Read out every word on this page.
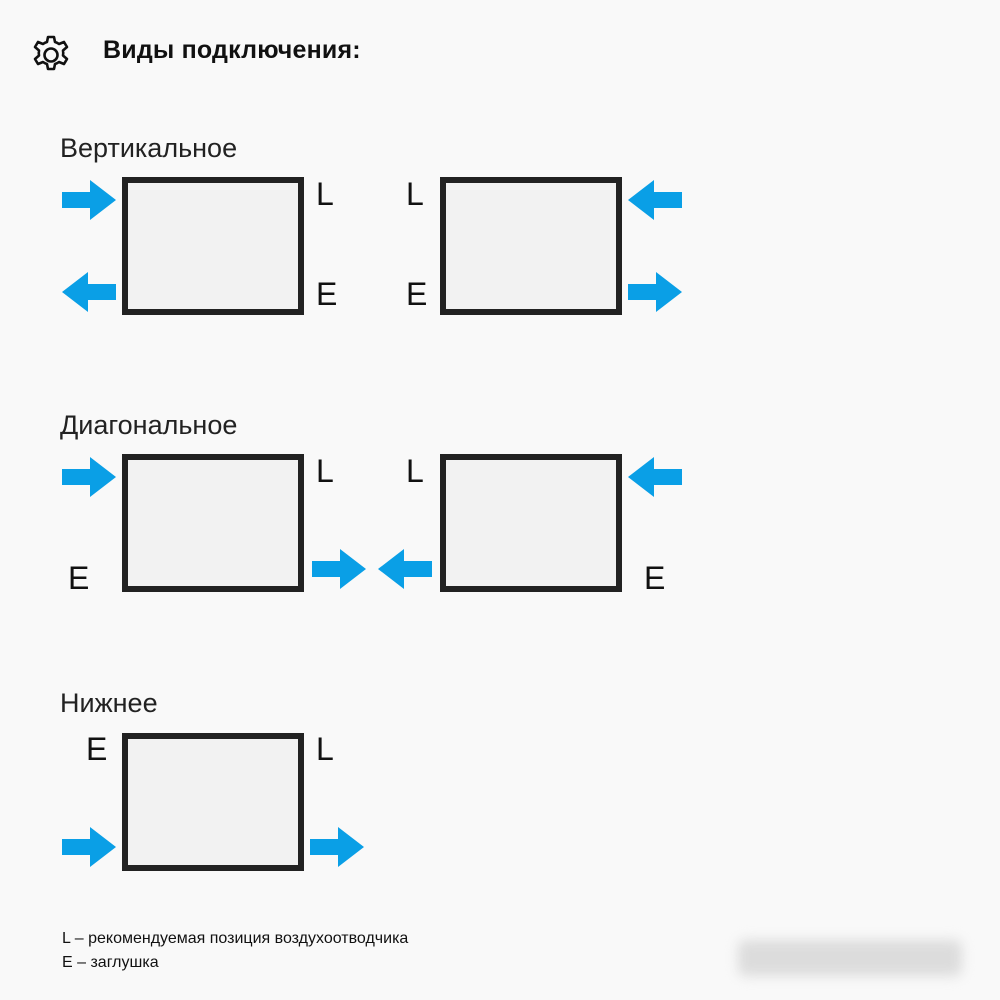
Виды подключения:
Вертикальное
L
E
L
E
Диагональное
L
E
L
E
Нижнее
E	L
L – рекомендуемая позиция воздухоотводчика
E – заглушка
